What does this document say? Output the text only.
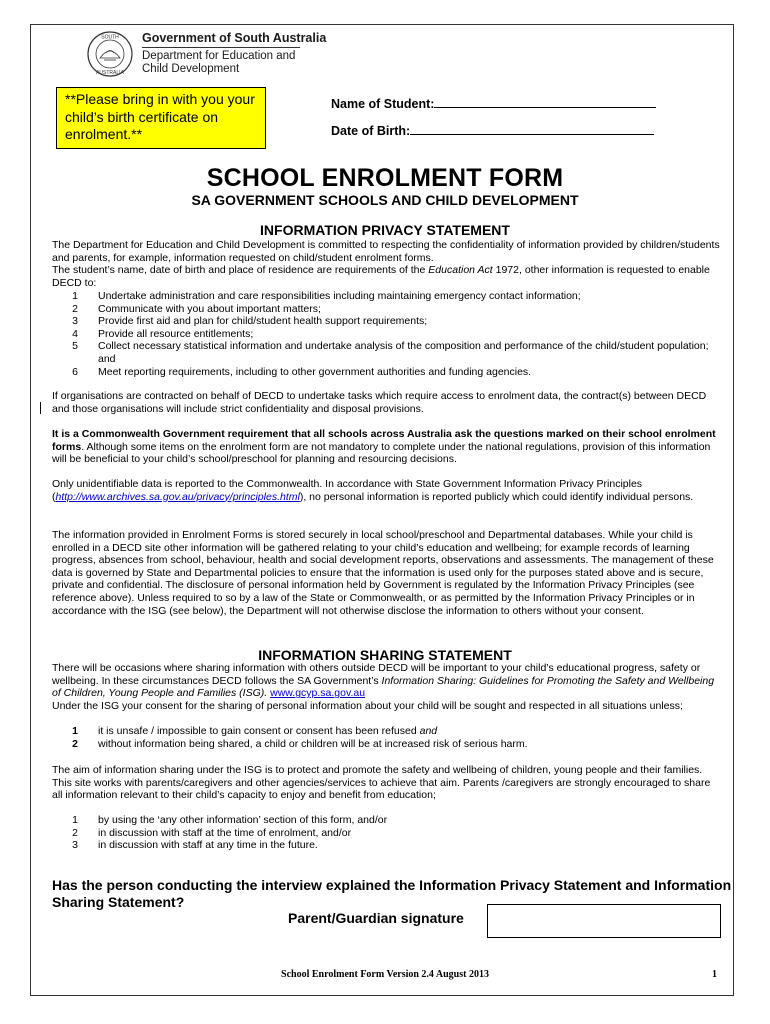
SOUTH
AUSTRALIA
Government of South Australia
Department for Education and
Child Development
**Please bring in with you your child’s birth certificate on enrolment.**
Name of Student:
Date of Birth:
SCHOOL ENROLMENT FORM
SA GOVERNMENT SCHOOLS AND CHILD DEVELOPMENT
INFORMATION PRIVACY STATEMENT

The Department for Education and Child Development is committed to respecting the confidentiality of information provided by children/students and parents, for example, information requested on child/student enrolment forms.

The student’s name, date of birth and place of residence are requirements of the Education Act 1972, other information is requested to enable DECD to:

1	Undertake administration and care responsibilities including maintaining emergency contact information;
2	Communicate with you about important matters;
3	Provide first aid and plan for child/student health support requirements;
4	Provide all resource entitlements;
5	Collect necessary statistical information and undertake analysis of the composition and performance of the child/student population; and
6	Meet reporting requirements, including to other government authorities and funding agencies.
If organisations are contracted on behalf of DECD to undertake tasks which require access to enrolment data, the contract(s) between DECD and those organisations will include strict confidentiality and disposal provisions.
It is a Commonwealth Government requirement that all schools across Australia ask the questions marked on their school enrolment forms. Although some items on the enrolment form are not mandatory to complete under the national regulations, provision of this information will be beneficial to your child’s school/preschool for planning and resourcing decisions.
Only unidentifiable data is reported to the Commonwealth. In accordance with State Government Information Privacy Principles (http://www.archives.sa.gov.au/privacy/principles.html), no personal information is reported publicly which could identify individual persons.
The information provided in Enrolment Forms is stored securely in local school/preschool and Departmental databases. While your child is enrolled in a DECD site other information will be gathered relating to your child’s education and wellbeing; for example records of learning progress, absences from school, behaviour, health and social development reports, observations and assessments. The management of these data is governed by State and Departmental policies to ensure that the information is used only for the purposes stated above and is secure, private and confidential. The disclosure of personal information held by Government is regulated by the Information Privacy Principles (see reference above). Unless required to so by a law of the State or Commonwealth, or as permitted by the Information Privacy Principles or in accordance with the ISG (see below), the Department will not otherwise disclose the information to others without your consent.
INFORMATION SHARING STATEMENT
There will be occasions where sharing information with others outside DECD will be important to your child’s educational progress, safety or wellbeing. In these circumstances DECD follows the SA Government’s Information Sharing: Guidelines for Promoting the Safety and Wellbeing of Children, Young People and Families (ISG). www.gcyp.sa.gov.au

Under the ISG your consent for the sharing of personal information about your child will be sought and respected in all situations unless;

1	it is unsafe / impossible to gain consent or consent has been refused and
2	without information being shared, a child or children will be at increased risk of serious harm.
The aim of information sharing under the ISG is to protect and promote the safety and wellbeing of children, young people and their families. This site works with parents/caregivers and other agencies/services to achieve that aim. Parents /caregivers are strongly encouraged to share all information relevant to their child’s capacity to enjoy and benefit from education;
1	by using the ‘any other information’ section of this form, and/or
2	in discussion with staff at the time of enrolment, and/or
3	in discussion with staff at any time in the future.
Has the person conducting the interview explained the Information Privacy Statement and Information Sharing Statement?
Parent/Guardian signature
School Enrolment Form Version 2.4 August 2013	1
